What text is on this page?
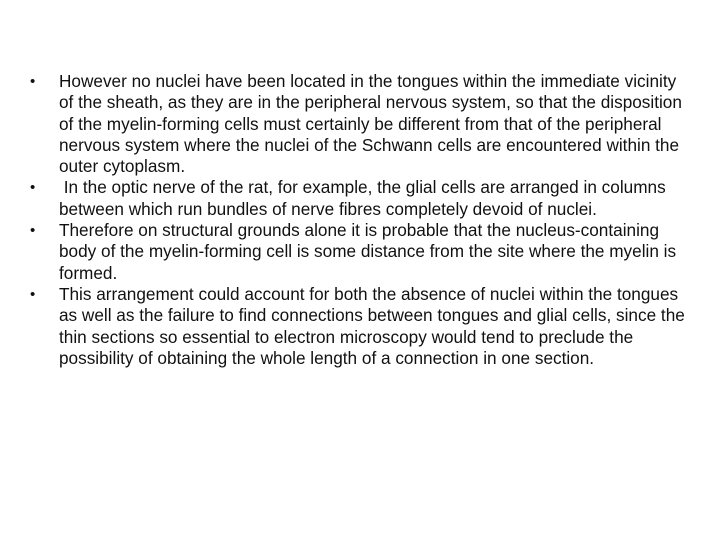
•	However no nuclei have been located in the tongues within the immediate vicinity of the sheath, as they are in the peripheral nervous system, so that the disposition of the myelin-forming cells must certainly be different from that of the peripheral nervous system where the nuclei of the Schwann cells are encountered within the outer cytoplasm.
•	In the optic nerve of the rat, for example, the glial cells are arranged in columns between which run bundles of nerve fibres completely devoid of nuclei.
•	Therefore on structural grounds alone it is probable that the nucleus-containing body of the myelin-forming cell is some distance from the site where the myelin is formed.
•	This arrangement could account for both the absence of nuclei within the tongues as well as the failure to find connections between tongues and glial cells, since the thin sections so essential to electron microscopy would tend to preclude the possibility of obtaining the whole length of a connection in one section.
